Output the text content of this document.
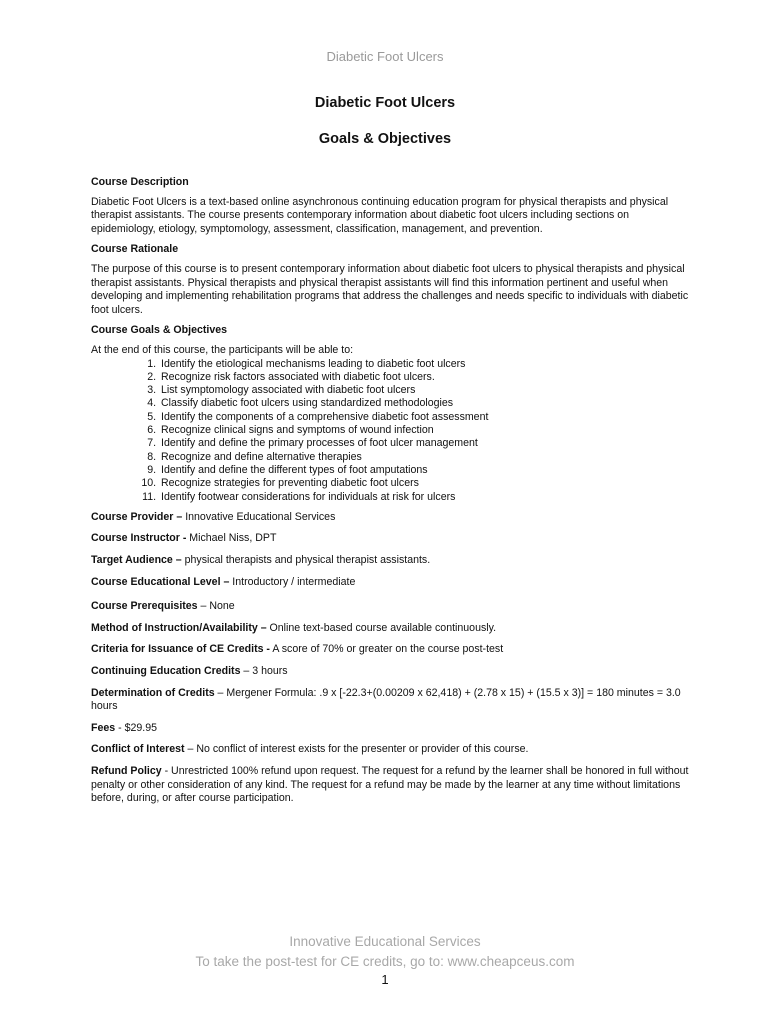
Diabetic Foot Ulcers
Diabetic Foot Ulcers
Goals & Objectives
Course Description

Diabetic Foot Ulcers is a text-based online asynchronous continuing education program for physical therapists and physical therapist assistants. The course presents contemporary information about diabetic foot ulcers including sections on epidemiology, etiology, symptomology, assessment, classification, management, and prevention.

Course Rationale

The purpose of this course is to present contemporary information about diabetic foot ulcers to physical therapists and physical therapist assistants. Physical therapists and physical therapist assistants will find this information pertinent and useful when developing and implementing rehabilitation programs that address the challenges and needs specific to individuals with diabetic foot ulcers.

Course Goals & Objectives

At the end of this course, the participants will be able to:

1. Identify the etiological mechanisms leading to diabetic foot ulcers
2. Recognize risk factors associated with diabetic foot ulcers.
3. List symptomology associated with diabetic foot ulcers
4. Classify diabetic foot ulcers using standardized methodologies
5. Identify the components of a comprehensive diabetic foot assessment
6. Recognize clinical signs and symptoms of wound infection
7. Identify and define the primary processes of foot ulcer management
8. Recognize and define alternative therapies
9. Identify and define the different types of foot amputations
10. Recognize strategies for preventing diabetic foot ulcers
11. Identify footwear considerations for individuals at risk for ulcers
Course Provider – Innovative Educational Services
Course Instructor - Michael Niss, DPT
Target Audience – physical therapists and physical therapist assistants.
Course Educational Level – Introductory / intermediate
Course Prerequisites – None
Method of Instruction/Availability – Online text-based course available continuously.
Criteria for Issuance of CE Credits - A score of 70% or greater on the course post-test
Continuing Education Credits – 3 hours
Determination of Credits – Mergener Formula: .9 x [-22.3+(0.00209 x 62,418) + (2.78 x 15) + (15.5 x 3)] = 180 minutes = 3.0 hours
Fees - $29.95
Conflict of Interest – No conflict of interest exists for the presenter or provider of this course.
Refund Policy - Unrestricted 100% refund upon request. The request for a refund by the learner shall be honored in full without penalty or other consideration of any kind. The request for a refund may be made by the learner at any time without limitations before, during, or after course participation.
Innovative Educational Services
To take the post-test for CE credits, go to: www.cheapceus.com
1
